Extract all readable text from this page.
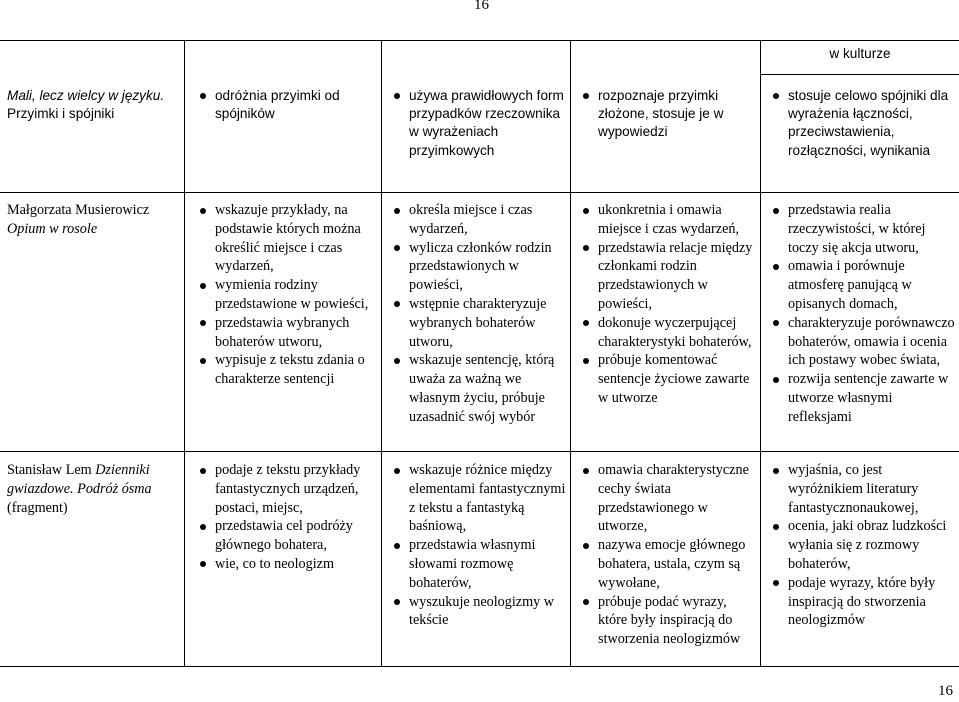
16
w kulturze
Mali, lecz wielcy w języku.
Przyimki i spójniki
odróżnia przyimki od spójników
używa prawidłowych form przypadków rzeczownika w wyrażeniach przyimkowych
rozpoznaje przyimki złożone, stosuje je w wypowiedzi
stosuje celowo spójniki dla wyrażenia łączności, przeciwstawienia, rozłączności, wynikania
Małgorzata Musierowicz
Opium w rosole
wskazuje przykłady, na podstawie których można określić miejsce i czas wydarzeń,
wymienia rodziny przedstawione w powieści,
przedstawia wybranych bohaterów utworu,
wypisuje z tekstu zdania o charakterze sentencji
określa miejsce i czas wydarzeń,
wylicza członków rodzin przedstawionych w powieści,
wstępnie charakteryzuje wybranych bohaterów utworu,
wskazuje sentencję, którą uważa za ważną we własnym życiu, próbuje uzasadnić swój wybór
ukonkretnia i omawia miejsce i czas wydarzeń,
przedstawia relacje między członkami rodzin przedstawionych w powieści,
dokonuje wyczerpującej charakterystyki bohaterów,
próbuje komentować sentencje życiowe zawarte w utworze
przedstawia realia rzeczywistości, w której toczy się akcja utworu,
omawia i porównuje atmosferę panującą w opisanych domach,
charakteryzuje porównawczo bohaterów, omawia i ocenia ich postawy wobec świata,
rozwija sentencje zawarte w utworze własnymi refleksjami
Stanisław Lem Dzienniki gwiazdowe. Podróż ósma
(fragment)
podaje z tekstu przykłady fantastycznych urządzeń, postaci, miejsc,
przedstawia cel podróży głównego bohatera,
wie, co to neologizm
wskazuje różnice między elementami fantastycznymi z tekstu a fantastyką baśniową,
przedstawia własnymi słowami rozmowę bohaterów,
wyszukuje neologizmy w tekście
omawia charakterystyczne cechy świata przedstawionego w utworze,
nazywa emocje głównego bohatera, ustala, czym są wywołane,
próbuje podać wyrazy, które były inspiracją do stworzenia neologizmów
wyjaśnia, co jest wyróżnikiem literatury fantastycznonaukowej,
ocenia, jaki obraz ludzkości wyłania się z rozmowy bohaterów,
podaje wyrazy, które były inspiracją do stworzenia neologizmów
16
